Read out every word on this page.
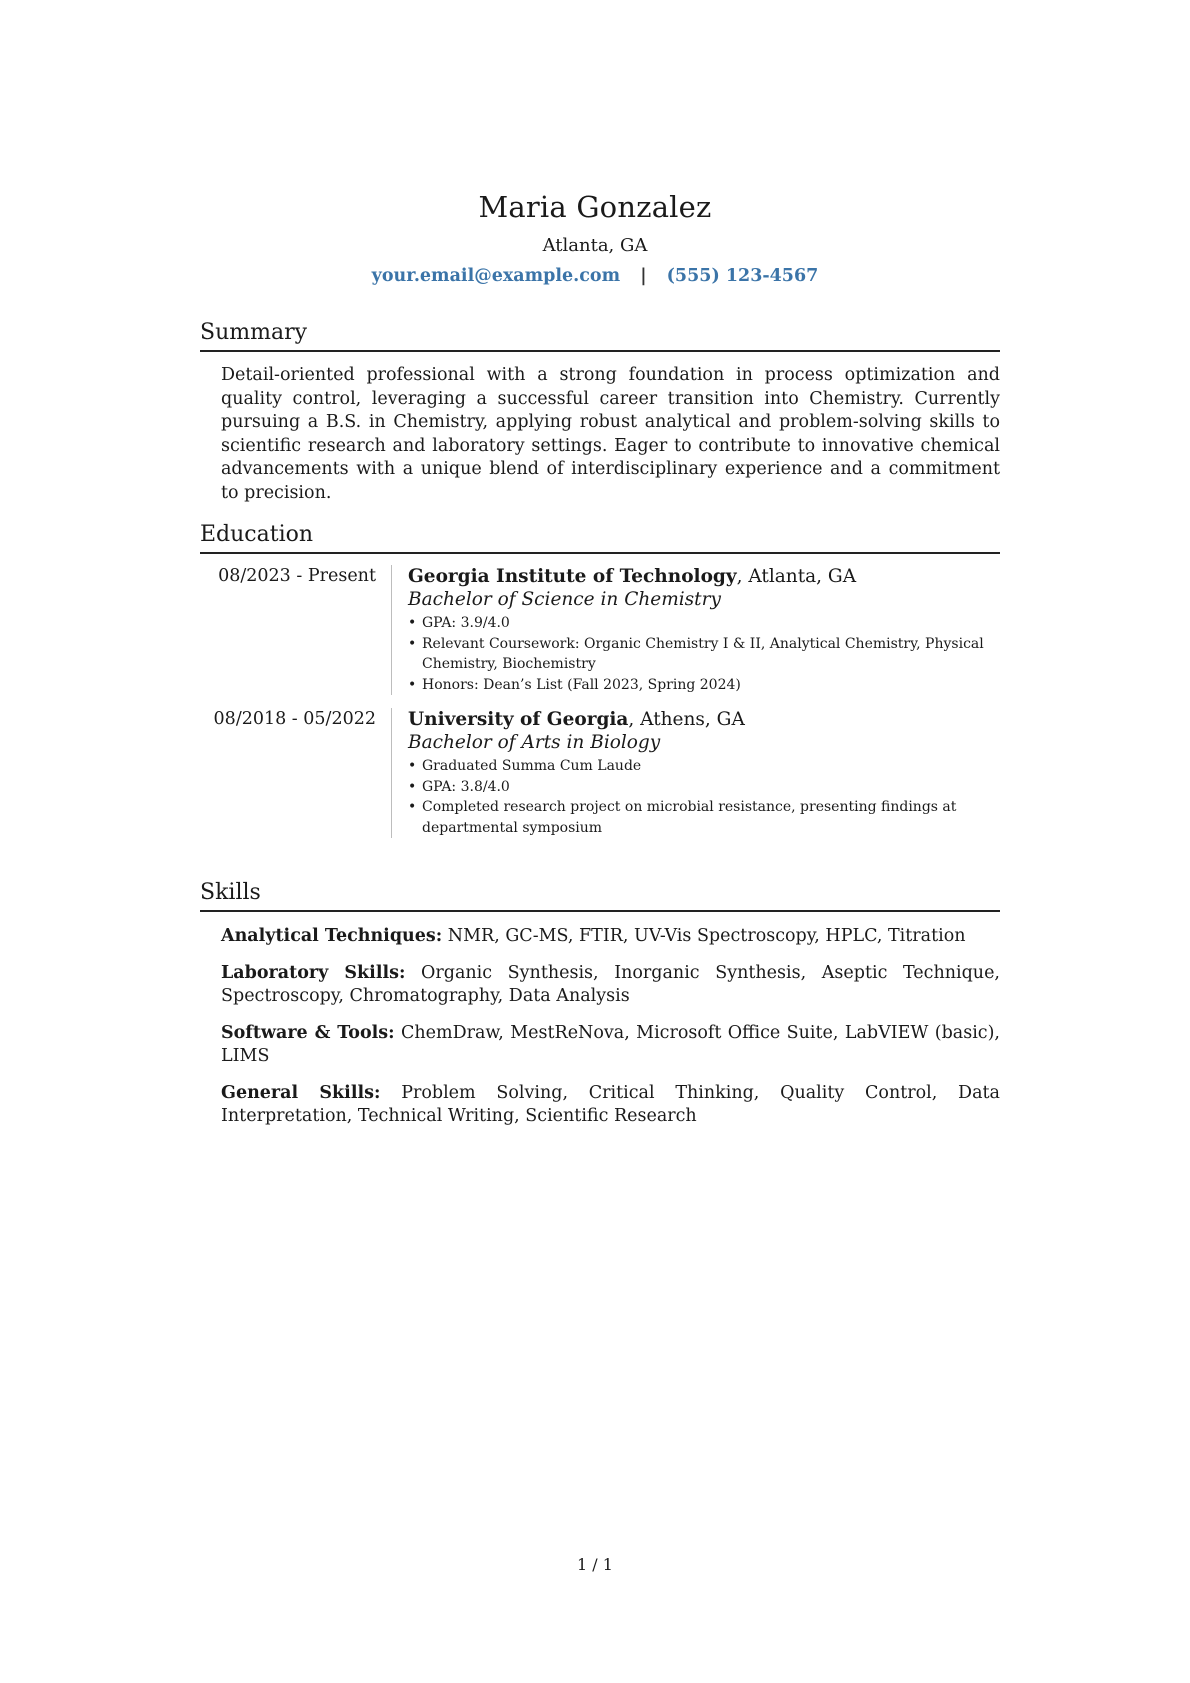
Maria Gonzalez
Atlanta, GA
your.email@example.com | (555) 123-4567
Summary
Detail-oriented professional with a strong foundation in process optimization and quality control, leveraging a successful career transition into Chemistry. Currently pursuing a B.S. in Chemistry, applying robust analytical and problem-solving skills to scientific research and laboratory settings. Eager to contribute to innovative chemical advancements with a unique blend of interdisciplinary experience and a commitment to precision.
Education
08/2023 - Present	Georgia Institute of Technology, Atlanta, GA
Bachelor of Science in Chemistry
• GPA: 3.9/4.0
• Relevant Coursework: Organic Chemistry I & II, Analytical Chemistry, Physical Chemistry, Biochemistry
• Honors: Dean’s List (Fall 2023, Spring 2024)
08/2018 - 05/2022	University of Georgia, Athens, GA
Bachelor of Arts in Biology
• Graduated Summa Cum Laude
• GPA: 3.8/4.0
• Completed research project on microbial resistance, presenting findings at departmental symposium
Skills
Analytical Techniques: NMR, GC-MS, FTIR, UV-Vis Spectroscopy, HPLC, Titration
Laboratory Skills: Organic Synthesis, Inorganic Synthesis, Aseptic Technique, Spectroscopy, Chromatography, Data Analysis
Software & Tools: ChemDraw, MestReNova, Microsoft Office Suite, LabVIEW (basic), LIMS
General Skills: Problem Solving, Critical Thinking, Quality Control, Data Interpretation, Technical Writing, Scientific Research
1 / 1
